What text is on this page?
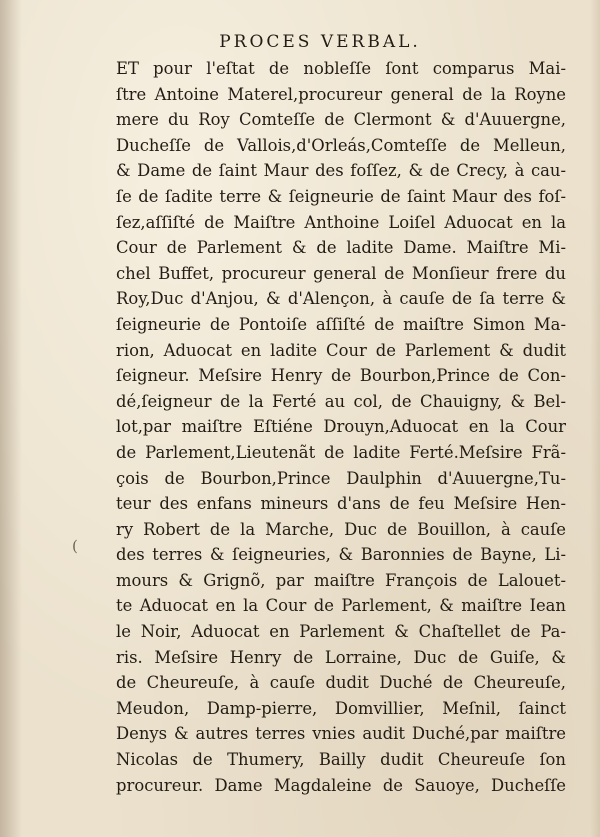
PROCES VERBAL.
ET pour l'eſtat de nobleſſe ſont comparus Mai-
ſtre Antoine Materel,procureur general de la Royne
mere du Roy Comteſſe de Clermont & d'Auuergne,
Ducheſſe de Vallois,d'Orleás,Comteſſe de Melleun,
& Dame de ſaint Maur des foſſez, & de Crecy, à cau-
ſe de ſadite terre & ſeigneurie de ſaint Maur des foſ-
ſez,aſſiſté de Maiſtre Anthoine Loiſel Aduocat en la
Cour de Parlement & de ladite Dame. Maiſtre Mi-
chel Buffet, procureur general de Monſieur frere du
Roy,Duc d'Anjou, & d'Alençon, à cauſe de ſa terre &
ſeigneurie de Pontoiſe aſſiſté de maiſtre Simon Ma-
rion, Aduocat en ladite Cour de Parlement & dudit
ſeigneur. Meſsire Henry de Bourbon,Prince de Con-
dé,ſeigneur de la Ferté au col, de Chauigny, & Bel-
lot,par maiſtre Eſtiéne Drouyn,Aduocat en la Cour
de Parlement,Lieutenãt de ladite Ferté.Meſsire Frã-
çois de Bourbon,Prince Daulphin d'Auuergne,Tu-
teur des enfans mineurs d'ans de feu Meſsire Hen-
ry Robert de la Marche, Duc de Bouillon, à cauſe
des terres & ſeigneuries, & Baronnies de Bayne, Li-
mours & Grignõ, par maiſtre François de Lalouet-
te Aduocat en la Cour de Parlement, & maiſtre Iean
le Noir, Aduocat en Parlement & Chaſtellet de Pa-
ris. Meſsire Henry de Lorraine, Duc de Guiſe, &
de Cheureuſe, à cauſe dudit Duché de Cheureuſe,
Meudon, Damp-pierre, Domvillier, Meſnil, ſainct
Denys & autres terres vnies audit Duché,par maiſtre
Nicolas de Thumery, Bailly dudit Cheureuſe ſon
procureur. Dame Magdaleine de Sauoye, Ducheſſe
(
